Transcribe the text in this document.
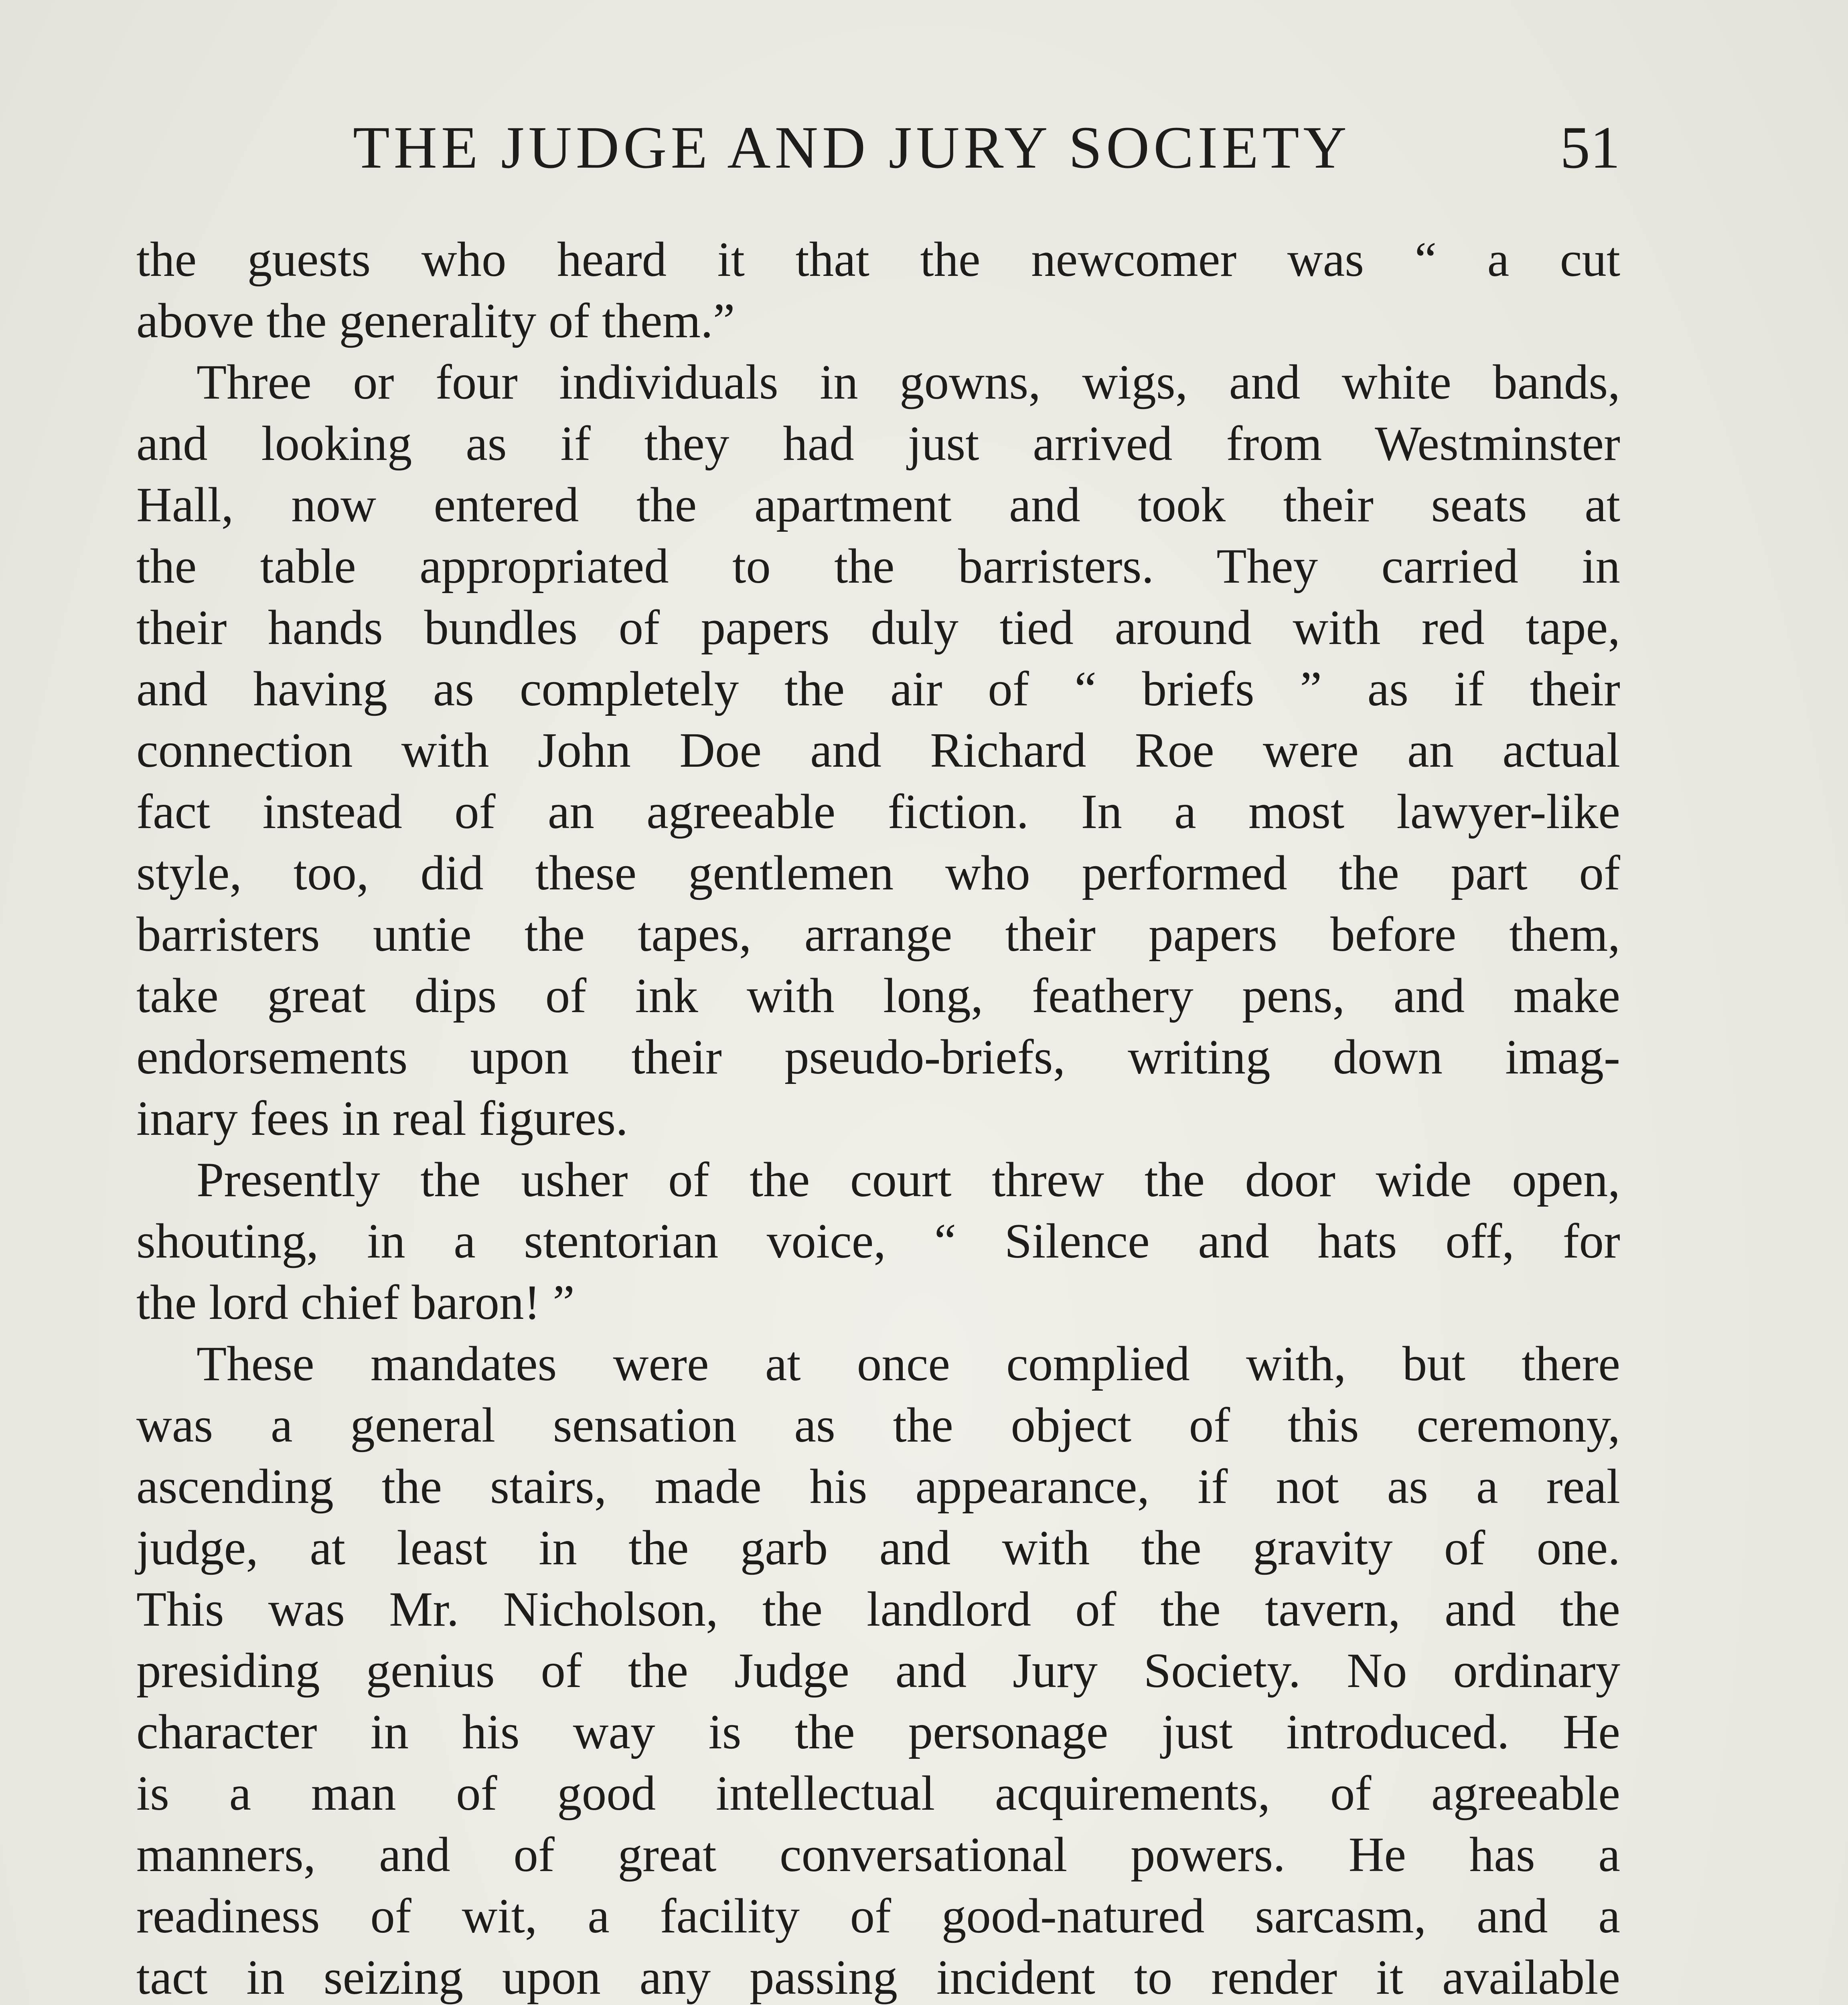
THE JUDGE AND JURY SOCIETY	51
the guests who heard it that the newcomer was “ a cut
above the generality of them.”
Three or four individuals in gowns, wigs, and white bands,
and looking as if they had just arrived from Westminster
Hall, now entered the apartment and took their seats at
the table appropriated to the barristers. They carried in
their hands bundles of papers duly tied around with red tape,
and having as completely the air of “ briefs ” as if their
connection with John Doe and Richard Roe were an actual
fact instead of an agreeable fiction. In a most lawyer-like
style, too, did these gentlemen who performed the part of
barristers untie the tapes, arrange their papers before them,
take great dips of ink with long, feathery pens, and make
endorsements upon their pseudo-briefs, writing down imag-
inary fees in real figures.
Presently the usher of the court threw the door wide open,
shouting, in a stentorian voice, “ Silence and hats off, for
the lord chief baron! ”
These mandates were at once complied with, but there
was a general sensation as the object of this ceremony,
ascending the stairs, made his appearance, if not as a real
judge, at least in the garb and with the gravity of one.
This was Mr. Nicholson, the landlord of the tavern, and the
presiding genius of the Judge and Jury Society. No ordinary
character in his way is the personage just introduced. He
is a man of good intellectual acquirements, of agreeable
manners, and of great conversational powers. He has a
readiness of wit, a facility of good-natured sarcasm, and a
tact in seizing upon any passing incident to render it available
